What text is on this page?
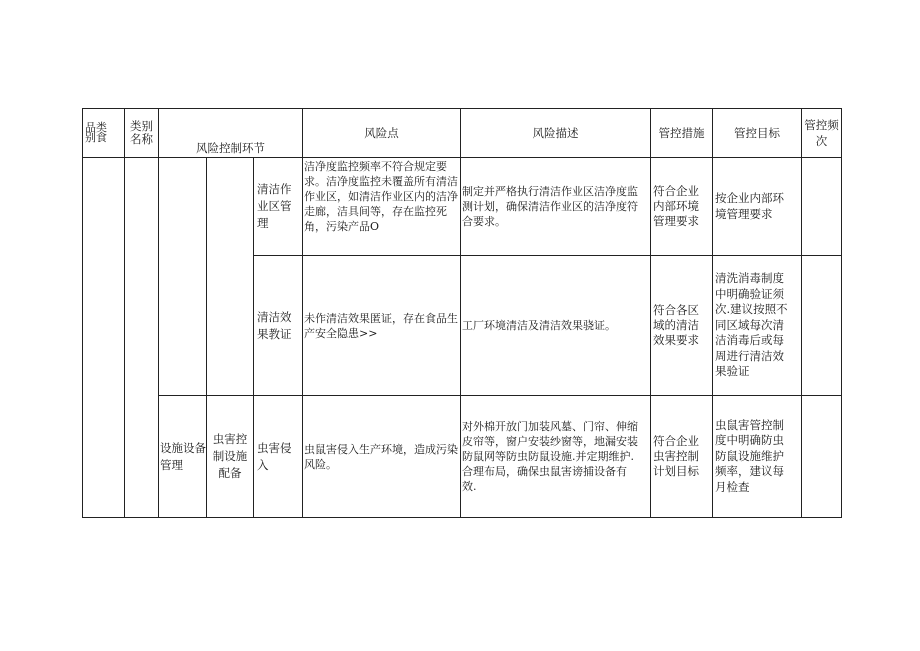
品类别食	类别名称	风险控制环节			风险点	风险描述	管控措施	管控目标	管控频次	

				清洁作业区管理	洁净度监控频率不符合规定要求。洁净度监控未覆盖所有清洁作业区，如清洁作业区内的洁净走廊，洁具间等，存在监控死角，污染产品O	制定并严格执行清洁作业区洁净度监测计划，确保清洁作业区的洁净度符合要求。	符合企业内部环境管理要求	按企业内部环境管理要求		

				清洁效果教证	未作清洁效果匿证，存在食品生产安全隐患>>	工厂环境清洁及清洁效果骁证。	符合各区域的清洁效果要求	清洗消毒制度中明确验证须次.建议按照不同区域每次清洁消毒后或每周进行清洁效果验证		

		设施设备管理	虫害控制设施配备	虫害侵入	虫鼠害侵入生产环境，造成污染风险。	对外棉开放门加装风墓、门帘、伸缩皮帘等，窗户安装纱窗等，地漏安装防鼠网等防虫防鼠设施.并定期维护.合理布局，确保虫鼠害谤捕设备有效.	符合企业虫害控制计划目标	虫鼠害管控制度中明确防虫防鼠设施维护频率，建议每月检查		
